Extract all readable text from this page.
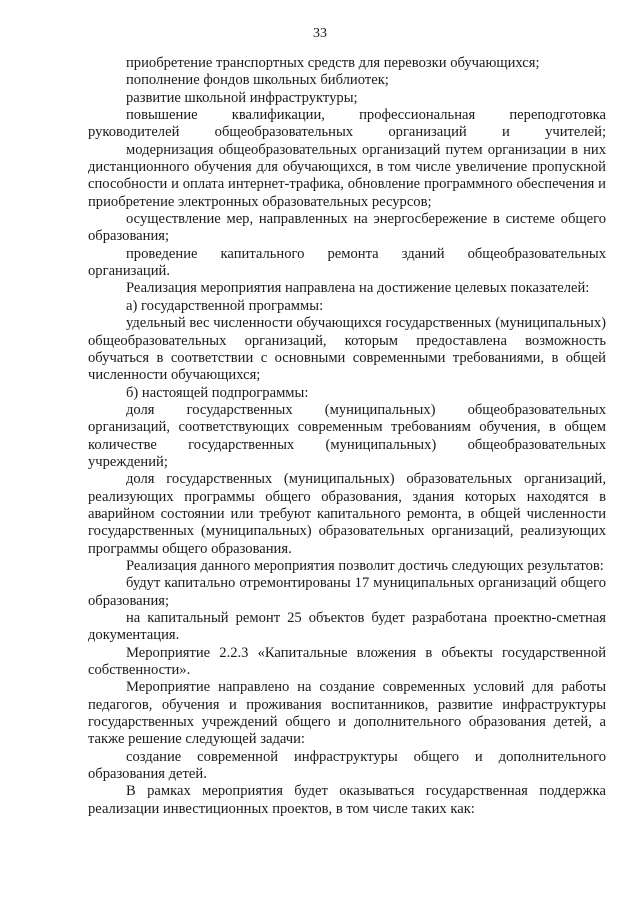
33

приобретение транспортных средств для перевозки обучающихся;

пополнение фондов школьных библиотек;

развитие школьной инфраструктуры;

повышение квалификации, профессиональная переподготовка руководителей общеобразовательных организаций и учителей;

модернизация общеобразовательных организаций путем организации в них дистанционного обучения для обучающихся, в том числе увеличение пропускной способности и оплата интернет-трафика, обновление программного обеспечения и приобретение электронных образовательных ресурсов;

осуществление мер, направленных на энергосбережение в системе общего образования;

проведение капитального ремонта зданий общеобразовательных организаций.

Реализация мероприятия направлена на достижение целевых показателей:

а) государственной программы:

удельный вес численности обучающихся государственных (муниципальных) общеобразовательных организаций, которым предоставлена возможность обучаться в соответствии с основными современными требованиями, в общей численности обучающихся;

б) настоящей подпрограммы:

доля государственных (муниципальных) общеобразовательных организаций, соответствующих современным требованиям обучения, в общем количестве государственных (муниципальных) общеобразовательных учреждений;

доля государственных (муниципальных) образовательных организаций, реализующих программы общего образования, здания которых находятся в аварийном состоянии или требуют капитального ремонта, в общей численности государственных (муниципальных) образовательных организаций, реализующих программы общего образования.

Реализация данного мероприятия позволит достичь следующих результатов:

будут капитально отремонтированы 17 муниципальных организаций общего образования;

на капитальный ремонт 25 объектов будет разработана проектно-сметная документация.

Мероприятие 2.2.3 «Капитальные вложения в объекты государственной собственности».

Мероприятие направлено на создание современных условий для работы педагогов, обучения и проживания воспитанников, развитие инфраструктуры государственных учреждений общего и дополнительного образования детей, а также решение следующей задачи:

создание современной инфраструктуры общего и дополнительного образования детей.

В рамках мероприятия будет оказываться государственная поддержка реализации инвестиционных проектов, в том числе таких как:
